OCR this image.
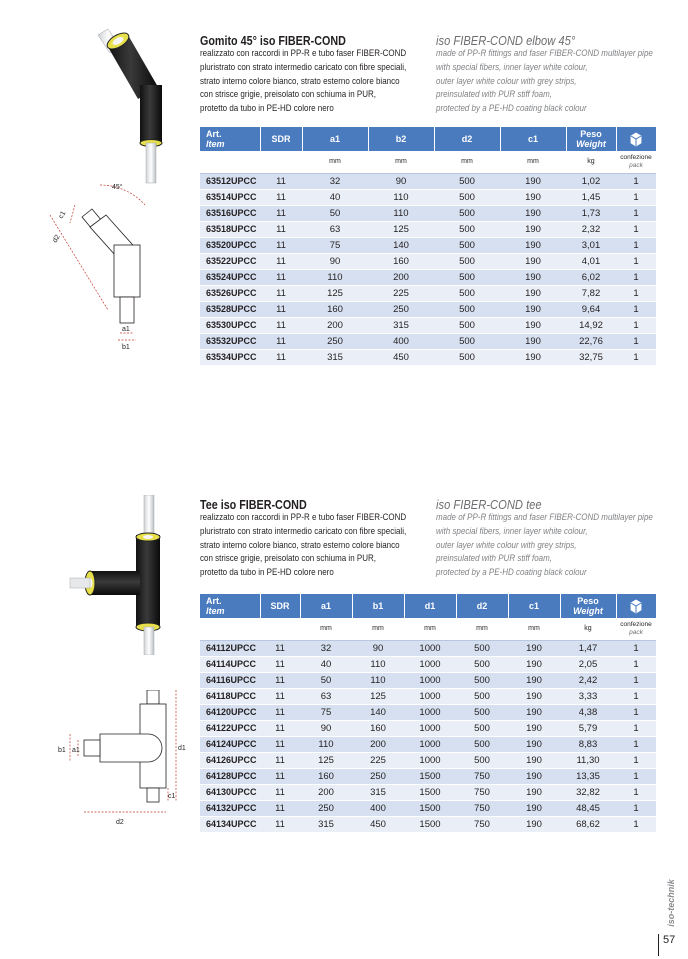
45°
c1
d2
a1
b1
Gomito 45° iso FIBER-COND	iso FIBER-COND elbow 45°
realizzato con raccordi in PP-R e tubo faser FIBER-COND
pluristrato con strato intermedio caricato con fibre speciali,
strato interno colore bianco, strato esterno colore bianco
con strisce grigie, preisolato con schiuma in PUR,
protetto da tubo in PE-HD colore nero
made of PP-R fittings and faser FIBER-COND multilayer pipe
with special fibers, inner layer white colour,
outer layer white colour with grey strips,
preinsulated with PUR stiff foam,
protected by a PE-HD coating black colour
Art.
Item	SDR	a1	b2	d2	c1	Peso
Weight

		mm	mm	mm	mm	kg	confezione
pack

63512UPCC	11	32	90	500	190	1,02	1
63514UPCC	11	40	110	500	190	1,45	1
63516UPCC	11	50	110	500	190	1,73	1
63518UPCC	11	63	125	500	190	2,32	1
63520UPCC	11	75	140	500	190	3,01	1
63522UPCC	11	90	160	500	190	4,01	1
63524UPCC	11	110	200	500	190	6,02	1
63526UPCC	11	125	225	500	190	7,82	1
63528UPCC	11	160	250	500	190	9,64	1
63530UPCC	11	200	315	500	190	14,92	1
63532UPCC	11	250	400	500	190	22,76	1
63534UPCC	11	315	450	500	190	32,75	1
b1 a1	d1
c1
d2
Tee iso FIBER-COND	iso FIBER-COND tee
realizzato con raccordi in PP-R e tubo faser FIBER-COND
pluristrato con strato intermedio caricato con fibre speciali,
strato interno colore bianco, strato esterno colore bianco
con strisce grigie, preisolato con schiuma in PUR,
protetto da tubo in PE-HD colore nero
made of PP-R fittings and faser FIBER-COND multilayer pipe
with special fibers, inner layer white colour,
outer layer white colour with grey strips,
preinsulated with PUR stiff foam,
protected by a PE-HD coating black colour
Art.
Item	SDR	a1	b1	d1	d2	c1	Peso
Weight

		mm	mm	mm	mm	mm	kg	confezione
pack

64112UPCC	11	32	90	1000	500	190	1,47	1
64114UPCC	11	40	110	1000	500	190	2,05	1
64116UPCC	11	50	110	1000	500	190	2,42	1
64118UPCC	11	63	125	1000	500	190	3,33	1
64120UPCC	11	75	140	1000	500	190	4,38	1
64122UPCC	11	90	160	1000	500	190	5,79	1
64124UPCC	11	110	200	1000	500	190	8,83	1
64126UPCC	11	125	225	1000	500	190	11,30	1
64128UPCC	11	160	250	1500	750	190	13,35	1
64130UPCC	11	200	315	1500	750	190	32,82	1
64132UPCC	11	250	400	1500	750	190	48,45	1
64134UPCC	11	315	450	1500	750	190	68,62	1
iso-technik
57
